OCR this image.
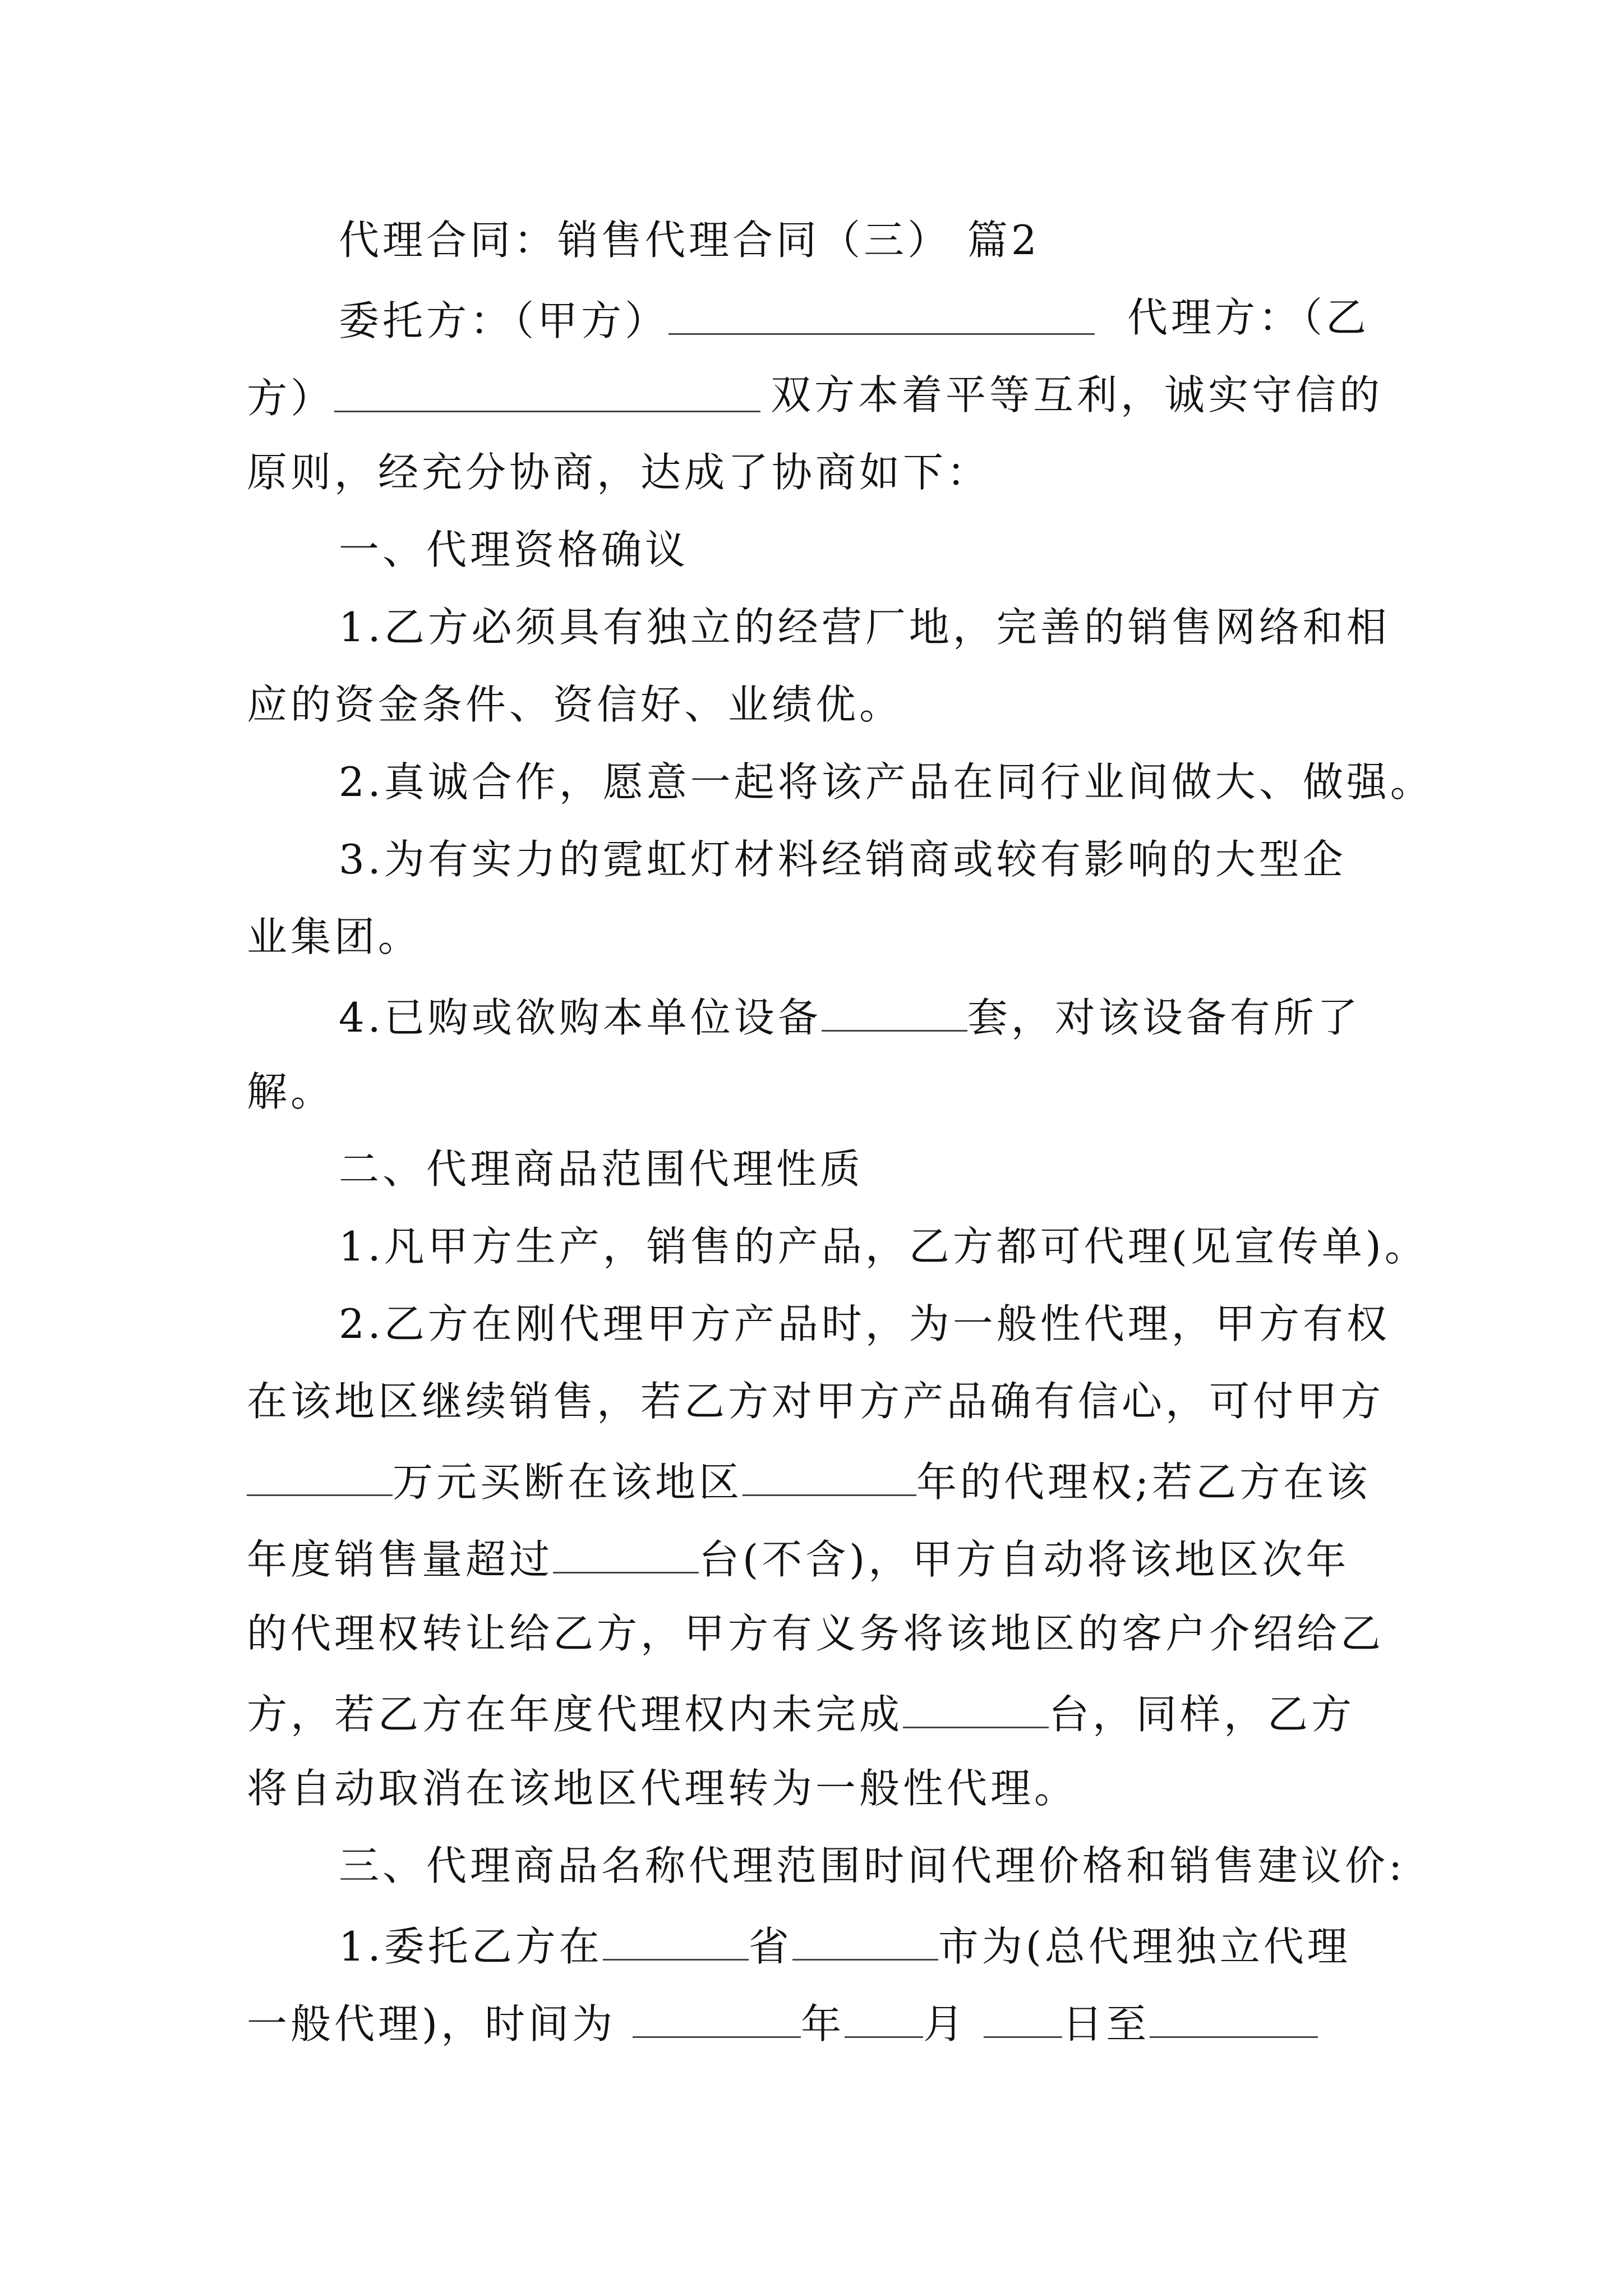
代理合同：销售代理合同（三） 篇2
委托方：（甲方）	代理方：（乙
方）	双方本着平等互利，诚实守信的
原则，经充分协商，达成了协商如下：
一、代理资格确议
1.乙方必须具有独立的经营厂地，完善的销售网络和相
应的资金条件、资信好、业绩优。
2.真诚合作，愿意一起将该产品在同行业间做大、做强。
3.为有实力的霓虹灯材料经销商或较有影响的大型企
业集团。
4.已购或欲购本单位设备	套，对该设备有所了
解。
二、代理商品范围代理性质
1.凡甲方生产，销售的产品，乙方都可代理(见宣传单)。
2.乙方在刚代理甲方产品时，为一般性代理，甲方有权
在该地区继续销售，若乙方对甲方产品确有信心，可付甲方
万元买断在该地区	年的代理权;若乙方在该
年度销售量超过	台(不含)，甲方自动将该地区次年
的代理权转让给乙方，甲方有义务将该地区的客户介绍给乙
方，若乙方在年度代理权内未完成	台，同样，乙方
将自动取消在该地区代理转为一般性代理。
三、代理商品名称代理范围时间代理价格和销售建议价:
1.委托乙方在	省	市为(总代理独立代理
一般代理)，时间为	年 月 日至
